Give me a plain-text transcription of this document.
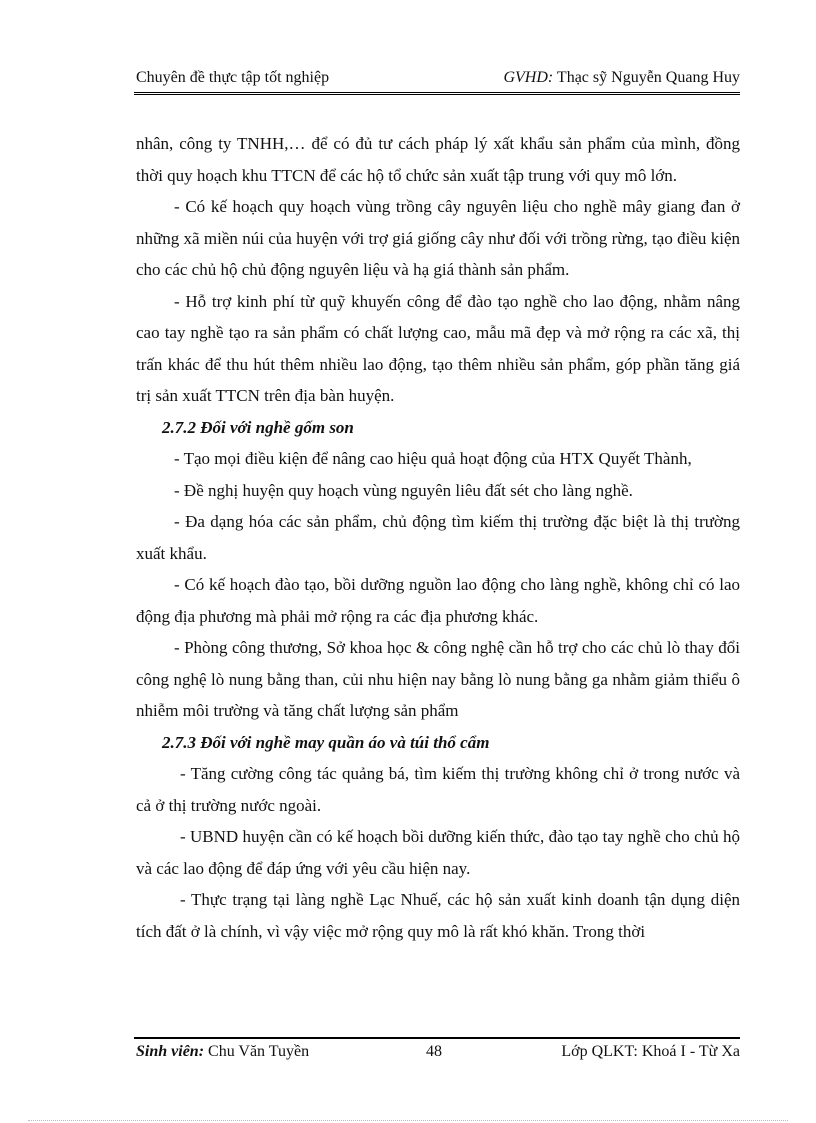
Chuyên đề thực tập tốt nghiệp	GVHD: Thạc sỹ Nguyễn Quang Huy

nhân, công ty TNHH,… để có đủ tư cách pháp lý xất khẩu sản phẩm của mình, đồng thời quy hoạch khu TTCN để các hộ tổ chức sản xuất tập trung với quy mô lớn.

- Có kế hoạch quy hoạch vùng trồng cây nguyên liệu cho nghề mây giang đan ở những xã miền núi của huyện với trợ giá giống cây như đối với trồng rừng, tạo điều kiện cho các chủ hộ chủ động nguyên liệu và hạ giá thành sản phẩm.

- Hỗ trợ kinh phí từ quỹ khuyến công để đào tạo nghề cho lao động, nhằm nâng cao tay nghề tạo ra sản phẩm có chất lượng cao, mẫu mã đẹp và mở rộng ra các xã, thị trấn khác để thu hút thêm nhiều lao động, tạo thêm nhiều sản phẩm, góp phần tăng giá trị sản xuất TTCN trên địa bàn huyện.

2.7.2 Đối với nghề gốm son

- Tạo mọi điều kiện để nâng cao hiệu quả hoạt động của HTX Quyết Thành,

- Đề nghị huyện quy hoạch vùng nguyên liêu đất sét cho làng nghề.

- Đa dạng hóa các sản phẩm, chủ động tìm kiếm thị trường đặc biệt là thị trường xuất khẩu.

- Có kế hoạch đào tạo, bồi dưỡng nguồn lao động cho làng nghề, không chỉ có lao động địa phương mà phải mở rộng ra các địa phương khác.

- Phòng công thương, Sở khoa học & công nghệ cần hỗ trợ cho các chủ lò thay đổi công nghệ lò nung bằng than, củi nhu hiện nay bằng lò nung bằng ga nhằm giảm thiểu ô nhiễm môi trường và tăng chất lượng sản phẩm

2.7.3 Đối với nghề may quần áo và túi thổ cẩm

- Tăng cường công tác quảng bá, tìm kiếm thị trường không chỉ ở trong nước và cả ở thị trường nước ngoài.

- UBND huyện cần có kế hoạch bồi dưỡng kiến thức, đào tạo tay nghề cho chủ hộ và các lao động để đáp ứng với yêu cầu hiện nay.

- Thực trạng tại làng nghề Lạc Nhuế, các hộ sản xuất kinh doanh tận dụng diện tích đất ở là chính, vì vậy việc mở rộng quy mô là rất khó khăn. Trong thời

Sinh viên: Chu Văn Tuyền	48	Lớp QLKT: Khoá I - Từ Xa
